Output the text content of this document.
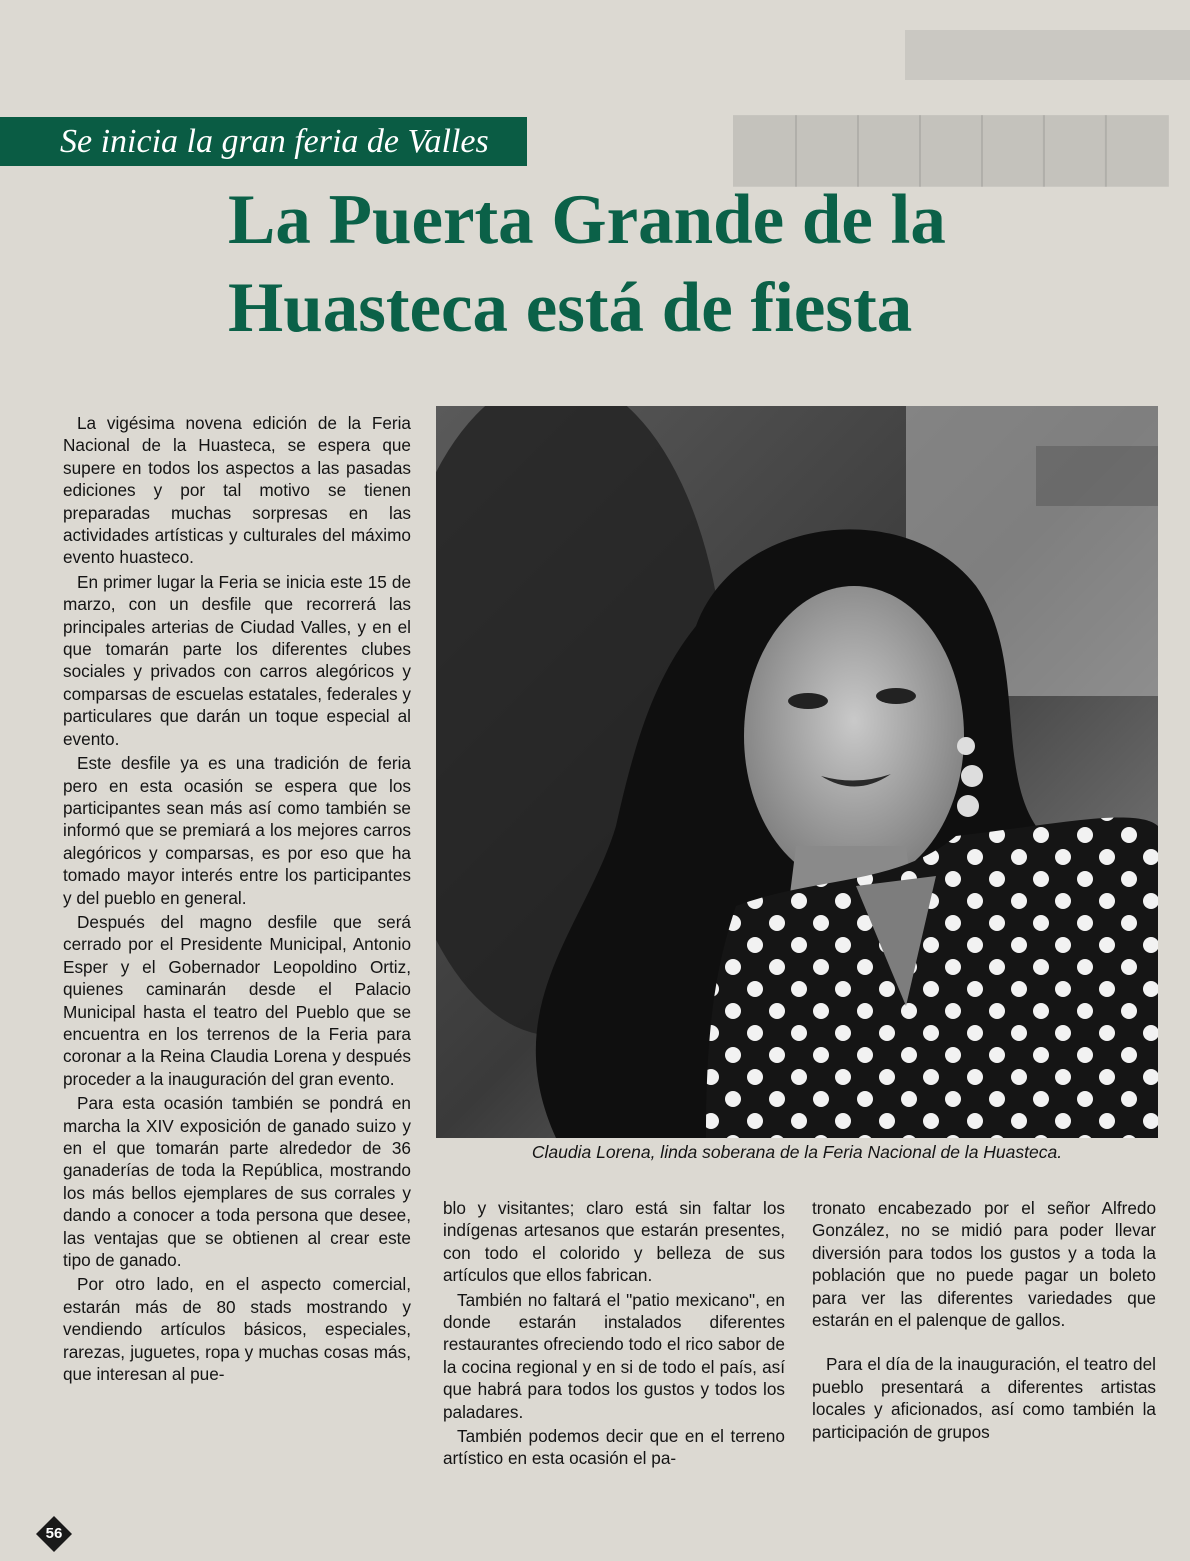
▆▆▆▆▆▆▆
Se inicia la gran feria de Valles
La Puerta Grande de la
Huasteca está de fiesta

La vigésima novena edición de la Feria Nacional de la Huasteca, se espera que supere en todos los aspectos a las pasadas ediciones y por tal motivo se tienen preparadas muchas sorpresas en las actividades artísticas y culturales del máximo evento huasteco.

En primer lugar la Feria se inicia este 15 de marzo, con un desfile que recorrerá las principales arterias de Ciudad Valles, y en el que tomarán parte los diferentes clubes sociales y privados con carros alegóricos y comparsas de escuelas estatales, federales y particulares que darán un toque especial al evento.

Este desfile ya es una tradición de feria pero en esta ocasión se espera que los participantes sean más así como también se informó que se premiará a los mejores carros alegóricos y comparsas, es por eso que ha tomado mayor interés entre los participantes y del pueblo en general.

Después del magno desfile que será cerrado por el Presidente Municipal, Antonio Esper y el Gobernador Leopoldino Ortiz, quienes caminarán desde el Palacio Municipal hasta el teatro del Pueblo que se encuentra en los terrenos de la Feria para coronar a la Reina Claudia Lorena y después proceder a la inauguración del gran evento.

Para esta ocasión también se pondrá en marcha la XIV exposición de ganado suizo y en el que tomarán parte alrededor de 36 ganaderías de toda la República, mostrando los más bellos ejemplares de sus corrales y dando a conocer a toda persona que desee, las ventajas que se obtienen al crear este tipo de ganado.

Por otro lado, en el aspecto comercial, estarán más de 80 stads mostrando y vendiendo artículos básicos, especiales, rarezas, juguetes, ropa y muchas cosas más, que interesan al pue-

Claudia Lorena, linda soberana de la Feria Nacional de la Huasteca.

blo y visitantes; claro está sin faltar los indígenas artesanos que estarán presentes, con todo el colorido y belleza de sus artículos que ellos fabrican.

También no faltará el "patio mexicano", en donde estarán instalados diferentes restaurantes ofreciendo todo el rico sabor de la cocina regional y en si de todo el país, así que habrá para todos los gustos y todos los paladares.

También podemos decir que en el terreno artístico en esta ocasión el pa-

tronato encabezado por el señor Alfredo González, no se midió para poder llevar diversión para todos los gustos y a toda la población que no puede pagar un boleto para ver las diferentes variedades que estarán en el palenque de gallos.

Para el día de la inauguración, el teatro del pueblo presentará a diferentes artistas locales y aficionados, así como también la participación de grupos

56
